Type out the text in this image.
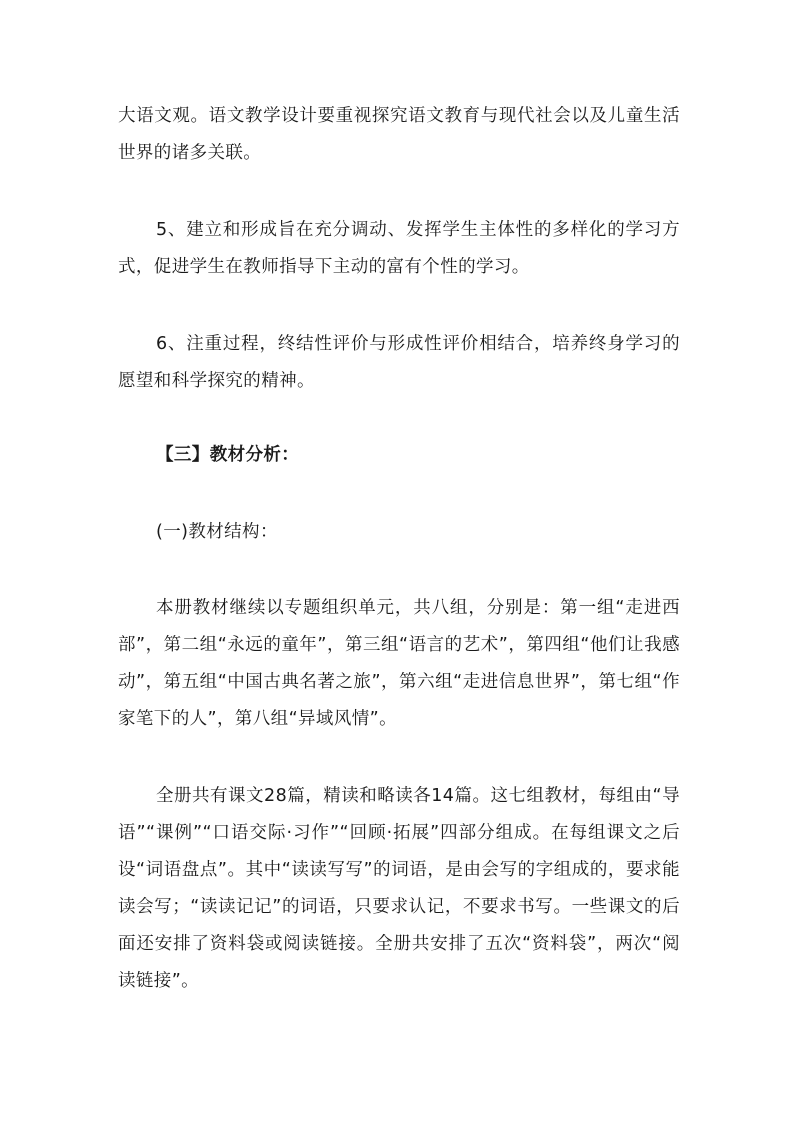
大语文观。语文教学设计要重视探究语文教育与现代社会以及儿童生活世界的诸多关联。

5、建立和形成旨在充分调动、发挥学生主体性的多样化的学习方式，促进学生在教师指导下主动的富有个性的学习。

6、注重过程，终结性评价与形成性评价相结合，培养终身学习的愿望和科学探究的精神。

【三】教材分析：

(一)教材结构：

本册教材继续以专题组织单元，共八组，分别是：第一组“走进西部”，第二组“永远的童年”，第三组“语言的艺术”，第四组“他们让我感动”，第五组“中国古典名著之旅”，第六组“走进信息世界”，第七组“作家笔下的人”，第八组“异域风情”。

全册共有课文28篇，精读和略读各14篇。这七组教材，每组由“导语”“课例”“口语交际·习作”“回顾·拓展”四部分组成。在每组课文之后设“词语盘点”。其中“读读写写”的词语，是由会写的字组成的，要求能读会写；“读读记记”的词语，只要求认记，不要求书写。一些课文的后面还安排了资料袋或阅读链接。全册共安排了五次“资料袋”，两次“阅读链接”。
